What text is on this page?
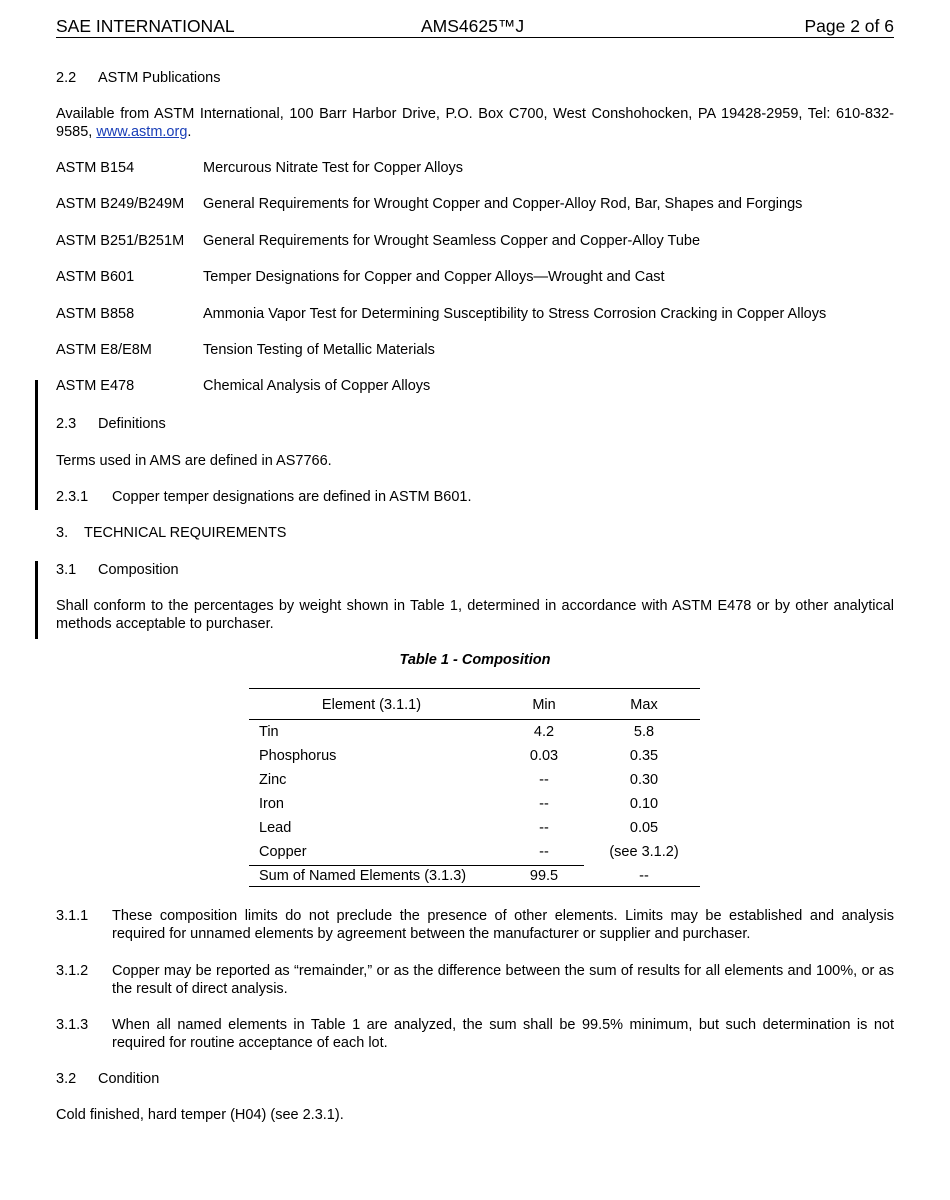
SAE INTERNATIONAL	AMS4625™J	Page 2 of 6
2.2 ASTM Publications
Available from ASTM International, 100 Barr Harbor Drive, P.O. Box C700, West Conshohocken, PA 19428-2959, Tel: 610-832-9585, www.astm.org.
ASTM B154	Mercurous Nitrate Test for Copper Alloys
ASTM B249/B249M General Requirements for Wrought Copper and Copper-Alloy Rod, Bar, Shapes and Forgings
ASTM B251/B251M General Requirements for Wrought Seamless Copper and Copper-Alloy Tube
ASTM B601	Temper Designations for Copper and Copper Alloys—Wrought and Cast
ASTM B858	Ammonia Vapor Test for Determining Susceptibility to Stress Corrosion Cracking in Copper Alloys
ASTM E8/E8M	Tension Testing of Metallic Materials
ASTM E478	Chemical Analysis of Copper Alloys
2.3 Definitions
Terms used in AMS are defined in AS7766.
2.3.1 Copper temper designations are defined in ASTM B601.
3. TECHNICAL REQUIREMENTS
3.1 Composition
Shall conform to the percentages by weight shown in Table 1, determined in accordance with ASTM E478 or by other analytical methods acceptable to purchaser.
Table 1 - Composition
Element (3.1.1)	Min	Max
Tin	4.2	5.8
Phosphorus	0.03	0.35
Zinc	--	0.30
Iron	--	0.10
Lead	--	0.05
Copper	--	(see 3.1.2)
Sum of Named Elements (3.1.3)	99.5	--
3.1.1 These composition limits do not preclude the presence of other elements. Limits may be established and analysis required for unnamed elements by agreement between the manufacturer or supplier and purchaser.
3.1.2 Copper may be reported as “remainder,” or as the difference between the sum of results for all elements and 100%, or as the result of direct analysis.
3.1.3 When all named elements in Table 1 are analyzed, the sum shall be 99.5% minimum, but such determination is not required for routine acceptance of each lot.
3.2 Condition
Cold finished, hard temper (H04) (see 2.3.1).
